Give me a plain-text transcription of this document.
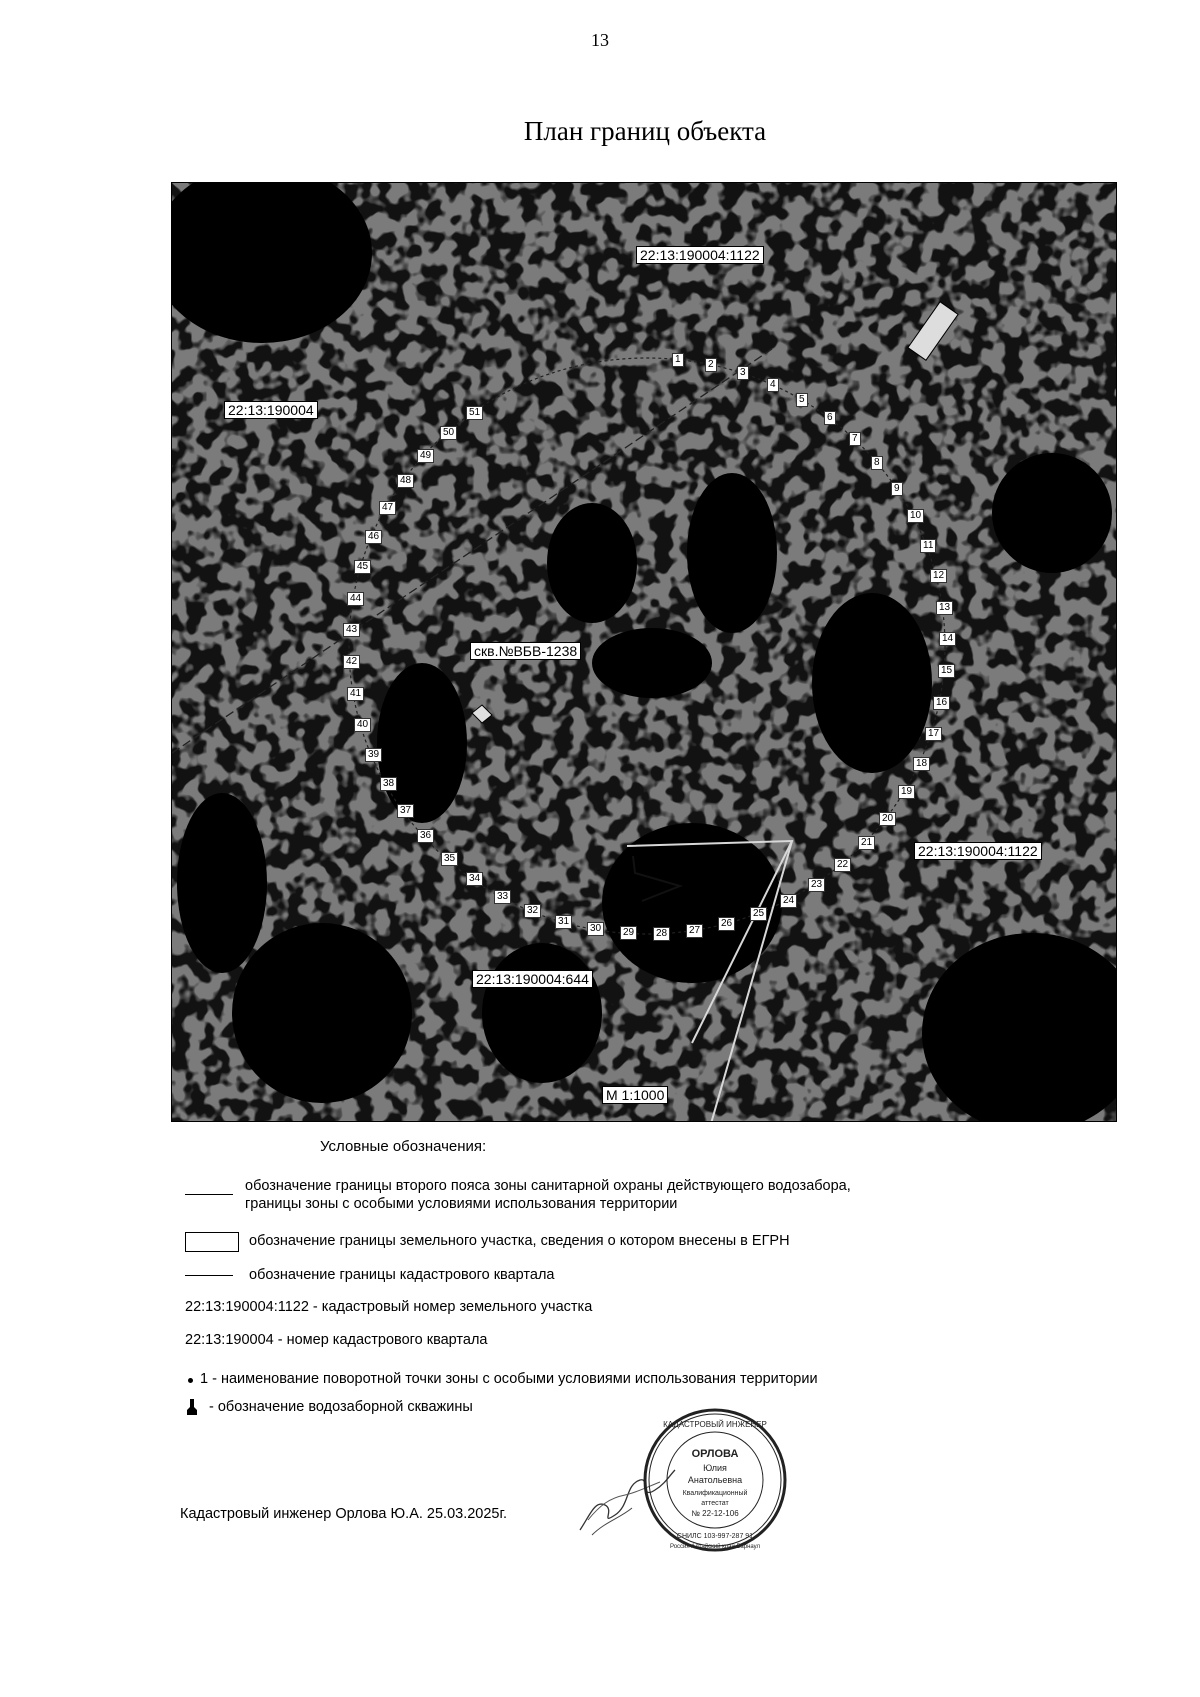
13
План границ объекта
22:13:190004:1122
22:13:190004
скв.№ВБВ-1238
22:13:190004:1122
22:13:190004:644
М 1:1000
1	2
3
4
5
6
7
8
9
10
11
12
13
14
15
16
17
18
19
20
21
22
23
24
25
26
27
28
29
30
31
32
33
34
35
36
37
38
39
40
41
42
43
44
45
46
47
48
49
50
51
Условные обозначения:
обозначение границы второго пояса зоны санитарной охраны действующего водозабора,
границы зоны с особыми условиями использования территории
обозначение границы земельного участка, сведения о котором внесены в ЕГРН
обозначение границы кадастрового квартала
22:13:190004:1122 - кадастровый номер земельного участка
22:13:190004 - номер кадастрового квартала
1 - наименование поворотной точки зоны с особыми условиями использования территории
- обозначение водозаборной скважины
Кадастровый инженер Орлова Ю.А. 25.03.2025г.
ОРЛОВА
Юлия
Анатольевна
Квалификационный
аттестат
№ 22-12-106
КАДАСТРОВЫЙ ИНЖЕНЕР
СНИЛС 103-997-287 91
Россия Алтайский край Барнаул
